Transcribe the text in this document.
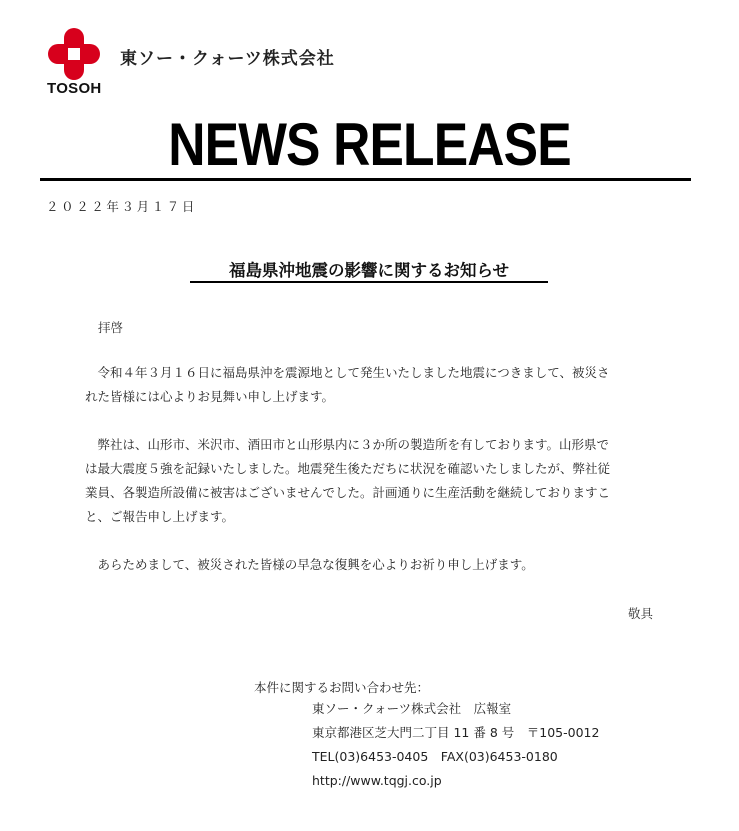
TOSOH
東ソー・クォーツ株式会社
NEWS RELEASE
２０２２年３月１７日
福島県沖地震の影響に関するお知らせ
拝啓
　令和４年３月１６日に福島県沖を震源地として発生いたしました地震につきまして、被災さ
れた皆様には心よりお見舞い申し上げます。
　弊社は、山形市、米沢市、酒田市と山形県内に３か所の製造所を有しております。山形県で
は最大震度５強を記録いたしました。地震発生後ただちに状況を確認いたしましたが、弊社従
業員、各製造所設備に被害はございませんでした。計画通りに生産活動を継続しておりますこ
と、ご報告申し上げます。
　あらためまして、被災された皆様の早急な復興を心よりお祈り申し上げます。
敬具
本件に関するお問い合わせ先：
東ソー・クォーツ株式会社　広報室
東京都港区芝大門二丁目 11 番 8 号　〒105-0012
TEL(03)6453-0405　FAX(03)6453-0180
http://www.tqgj.co.jp
